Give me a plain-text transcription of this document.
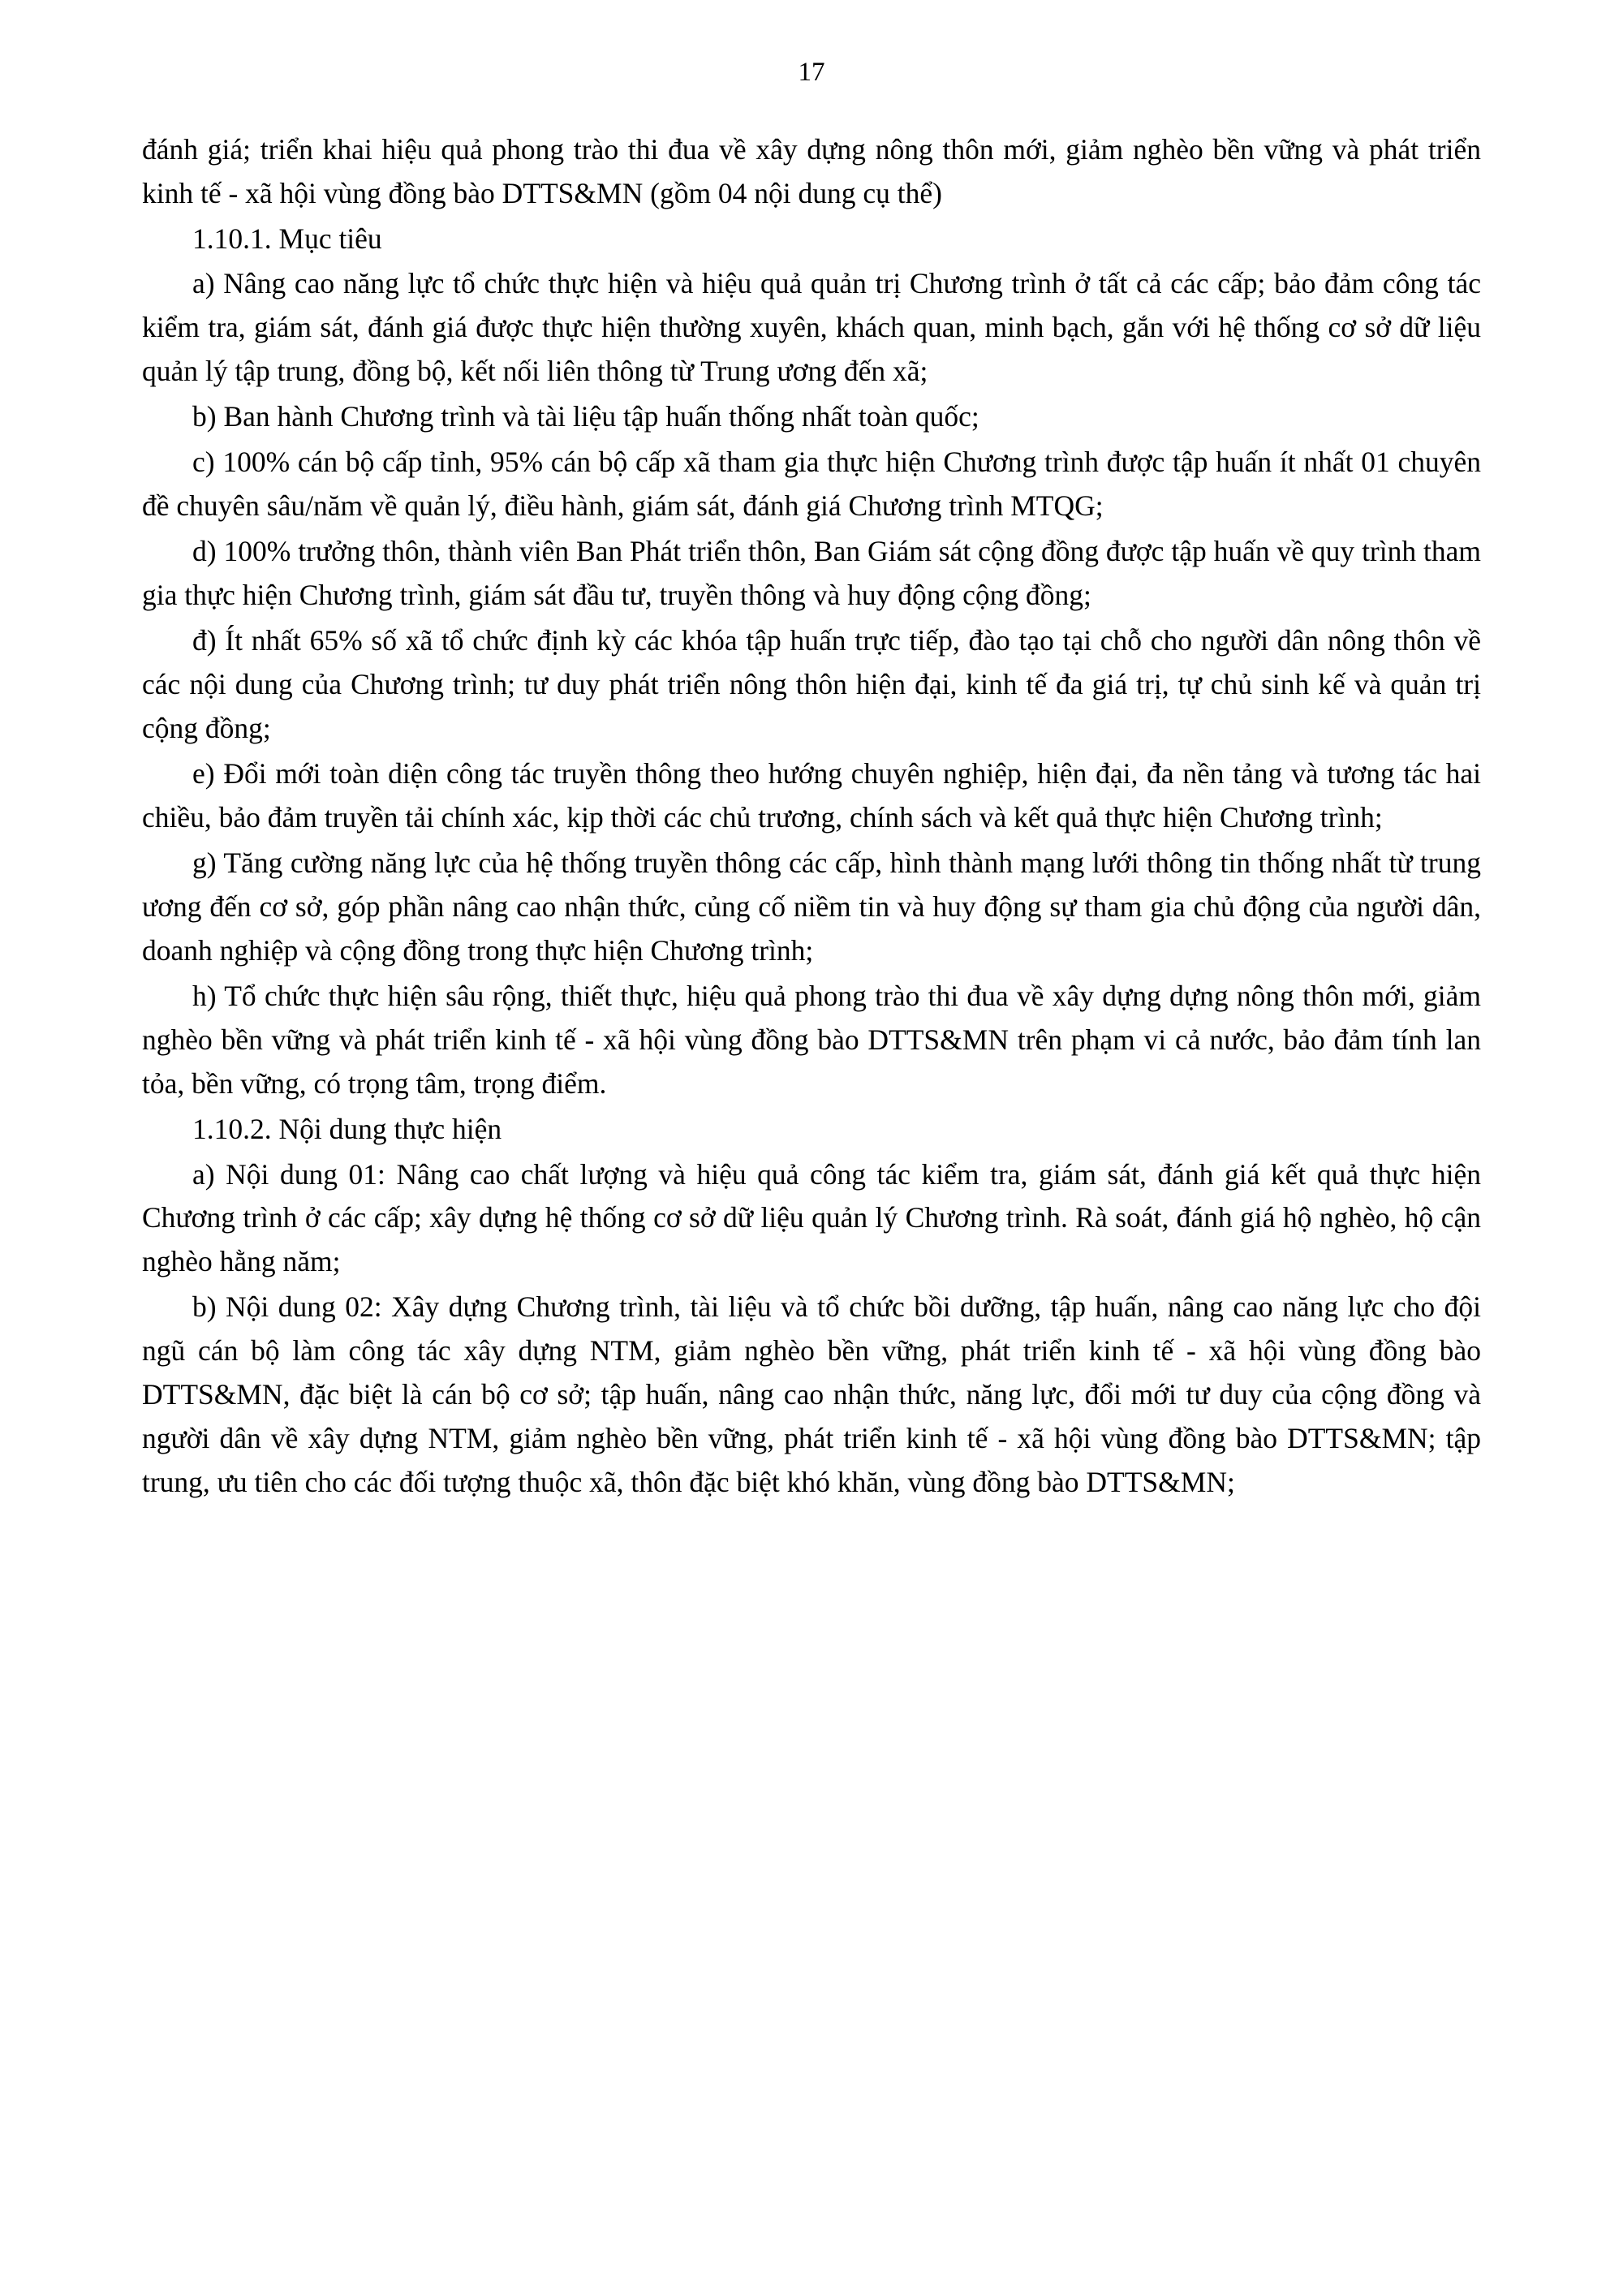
17

đánh giá; triển khai hiệu quả phong trào thi đua về xây dựng nông thôn mới, giảm nghèo bền vững và phát triển kinh tế - xã hội vùng đồng bào DTTS&MN (gồm 04 nội dung cụ thể)

1.10.1. Mục tiêu

a) Nâng cao năng lực tổ chức thực hiện và hiệu quả quản trị Chương trình ở tất cả các cấp; bảo đảm công tác kiểm tra, giám sát, đánh giá được thực hiện thường xuyên, khách quan, minh bạch, gắn với hệ thống cơ sở dữ liệu quản lý tập trung, đồng bộ, kết nối liên thông từ Trung ương đến xã;

b) Ban hành Chương trình và tài liệu tập huấn thống nhất toàn quốc;

c) 100% cán bộ cấp tỉnh, 95% cán bộ cấp xã tham gia thực hiện Chương trình được tập huấn ít nhất 01 chuyên đề chuyên sâu/năm về quản lý, điều hành, giám sát, đánh giá Chương trình MTQG;

d) 100% trưởng thôn, thành viên Ban Phát triển thôn, Ban Giám sát cộng đồng được tập huấn về quy trình tham gia thực hiện Chương trình, giám sát đầu tư, truyền thông và huy động cộng đồng;

đ) Ít nhất 65% số xã tổ chức định kỳ các khóa tập huấn trực tiếp, đào tạo tại chỗ cho người dân nông thôn về các nội dung của Chương trình; tư duy phát triển nông thôn hiện đại, kinh tế đa giá trị, tự chủ sinh kế và quản trị cộng đồng;

e) Đổi mới toàn diện công tác truyền thông theo hướng chuyên nghiệp, hiện đại, đa nền tảng và tương tác hai chiều, bảo đảm truyền tải chính xác, kịp thời các chủ trương, chính sách và kết quả thực hiện Chương trình;

g) Tăng cường năng lực của hệ thống truyền thông các cấp, hình thành mạng lưới thông tin thống nhất từ trung ương đến cơ sở, góp phần nâng cao nhận thức, củng cố niềm tin và huy động sự tham gia chủ động của người dân, doanh nghiệp và cộng đồng trong thực hiện Chương trình;

h) Tổ chức thực hiện sâu rộng, thiết thực, hiệu quả phong trào thi đua về xây dựng dựng nông thôn mới, giảm nghèo bền vững và phát triển kinh tế - xã hội vùng đồng bào DTTS&MN trên phạm vi cả nước, bảo đảm tính lan tỏa, bền vững, có trọng tâm, trọng điểm.

1.10.2. Nội dung thực hiện

a) Nội dung 01: Nâng cao chất lượng và hiệu quả công tác kiểm tra, giám sát, đánh giá kết quả thực hiện Chương trình ở các cấp; xây dựng hệ thống cơ sở dữ liệu quản lý Chương trình. Rà soát, đánh giá hộ nghèo, hộ cận nghèo hằng năm;

b) Nội dung 02: Xây dựng Chương trình, tài liệu và tổ chức bồi dưỡng, tập huấn, nâng cao năng lực cho đội ngũ cán bộ làm công tác xây dựng NTM, giảm nghèo bền vững, phát triển kinh tế - xã hội vùng đồng bào DTTS&MN, đặc biệt là cán bộ cơ sở; tập huấn, nâng cao nhận thức, năng lực, đổi mới tư duy của cộng đồng và người dân về xây dựng NTM, giảm nghèo bền vững, phát triển kinh tế - xã hội vùng đồng bào DTTS&MN; tập trung, ưu tiên cho các đối tượng thuộc xã, thôn đặc biệt khó khăn, vùng đồng bào DTTS&MN;
